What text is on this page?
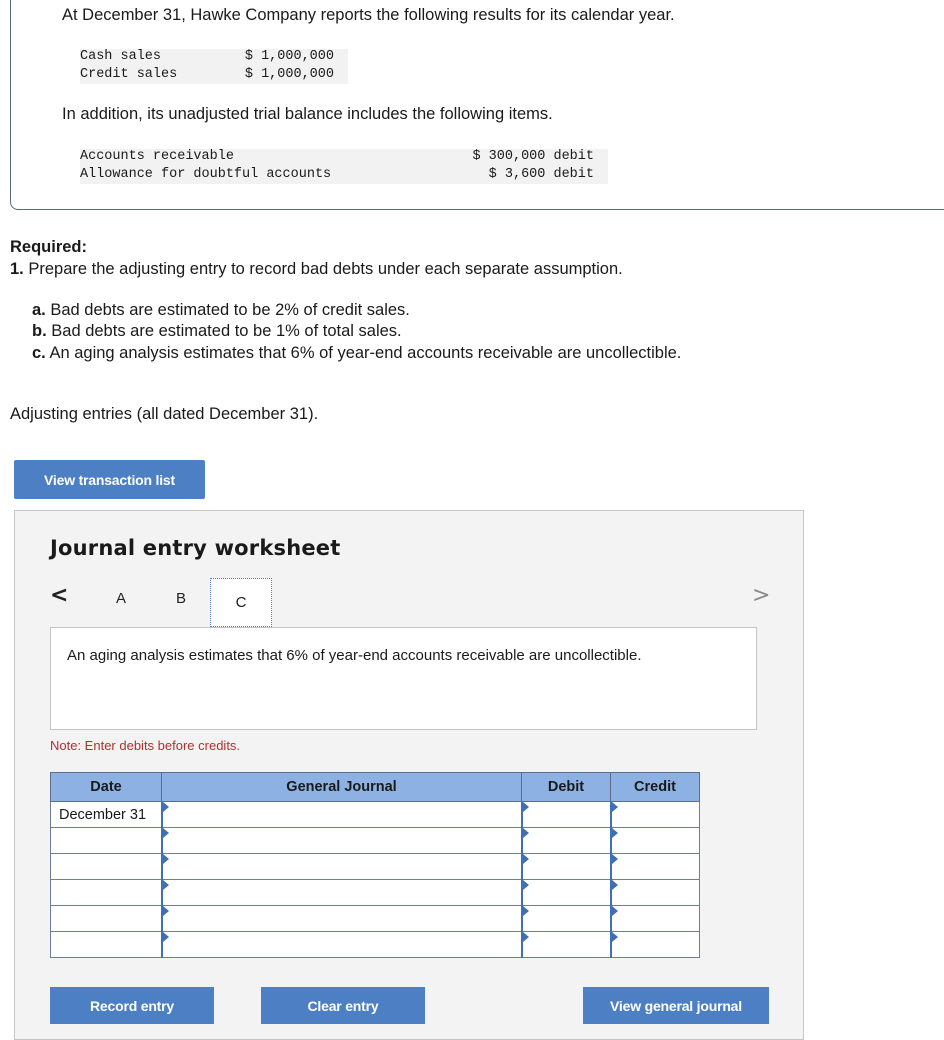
At December 31, Hawke Company reports the following results for its calendar year.
Cash sales	$ 1,000,000
Credit sales	$ 1,000,000
In addition, its unadjusted trial balance includes the following items.
Accounts receivable	$ 300,000 debit
Allowance for doubtful accounts	$ 3,600 debit
Required:
1. Prepare the adjusting entry to record bad debts under each separate assumption.
a. Bad debts are estimated to be 2% of credit sales.
b. Bad debts are estimated to be 1% of total sales.
c. An aging analysis estimates that 6% of year-end accounts receivable are uncollectible.
Adjusting entries (all dated December 31).
View transaction list
Journal entry worksheet
<	A	B	C	>
An aging analysis estimates that 6% of year-end accounts receivable are uncollectible.
Note: Enter debits before credits.
Date	General Journal	Debit	Credit
December 31	

Record entry	Clear entry	View general journal
